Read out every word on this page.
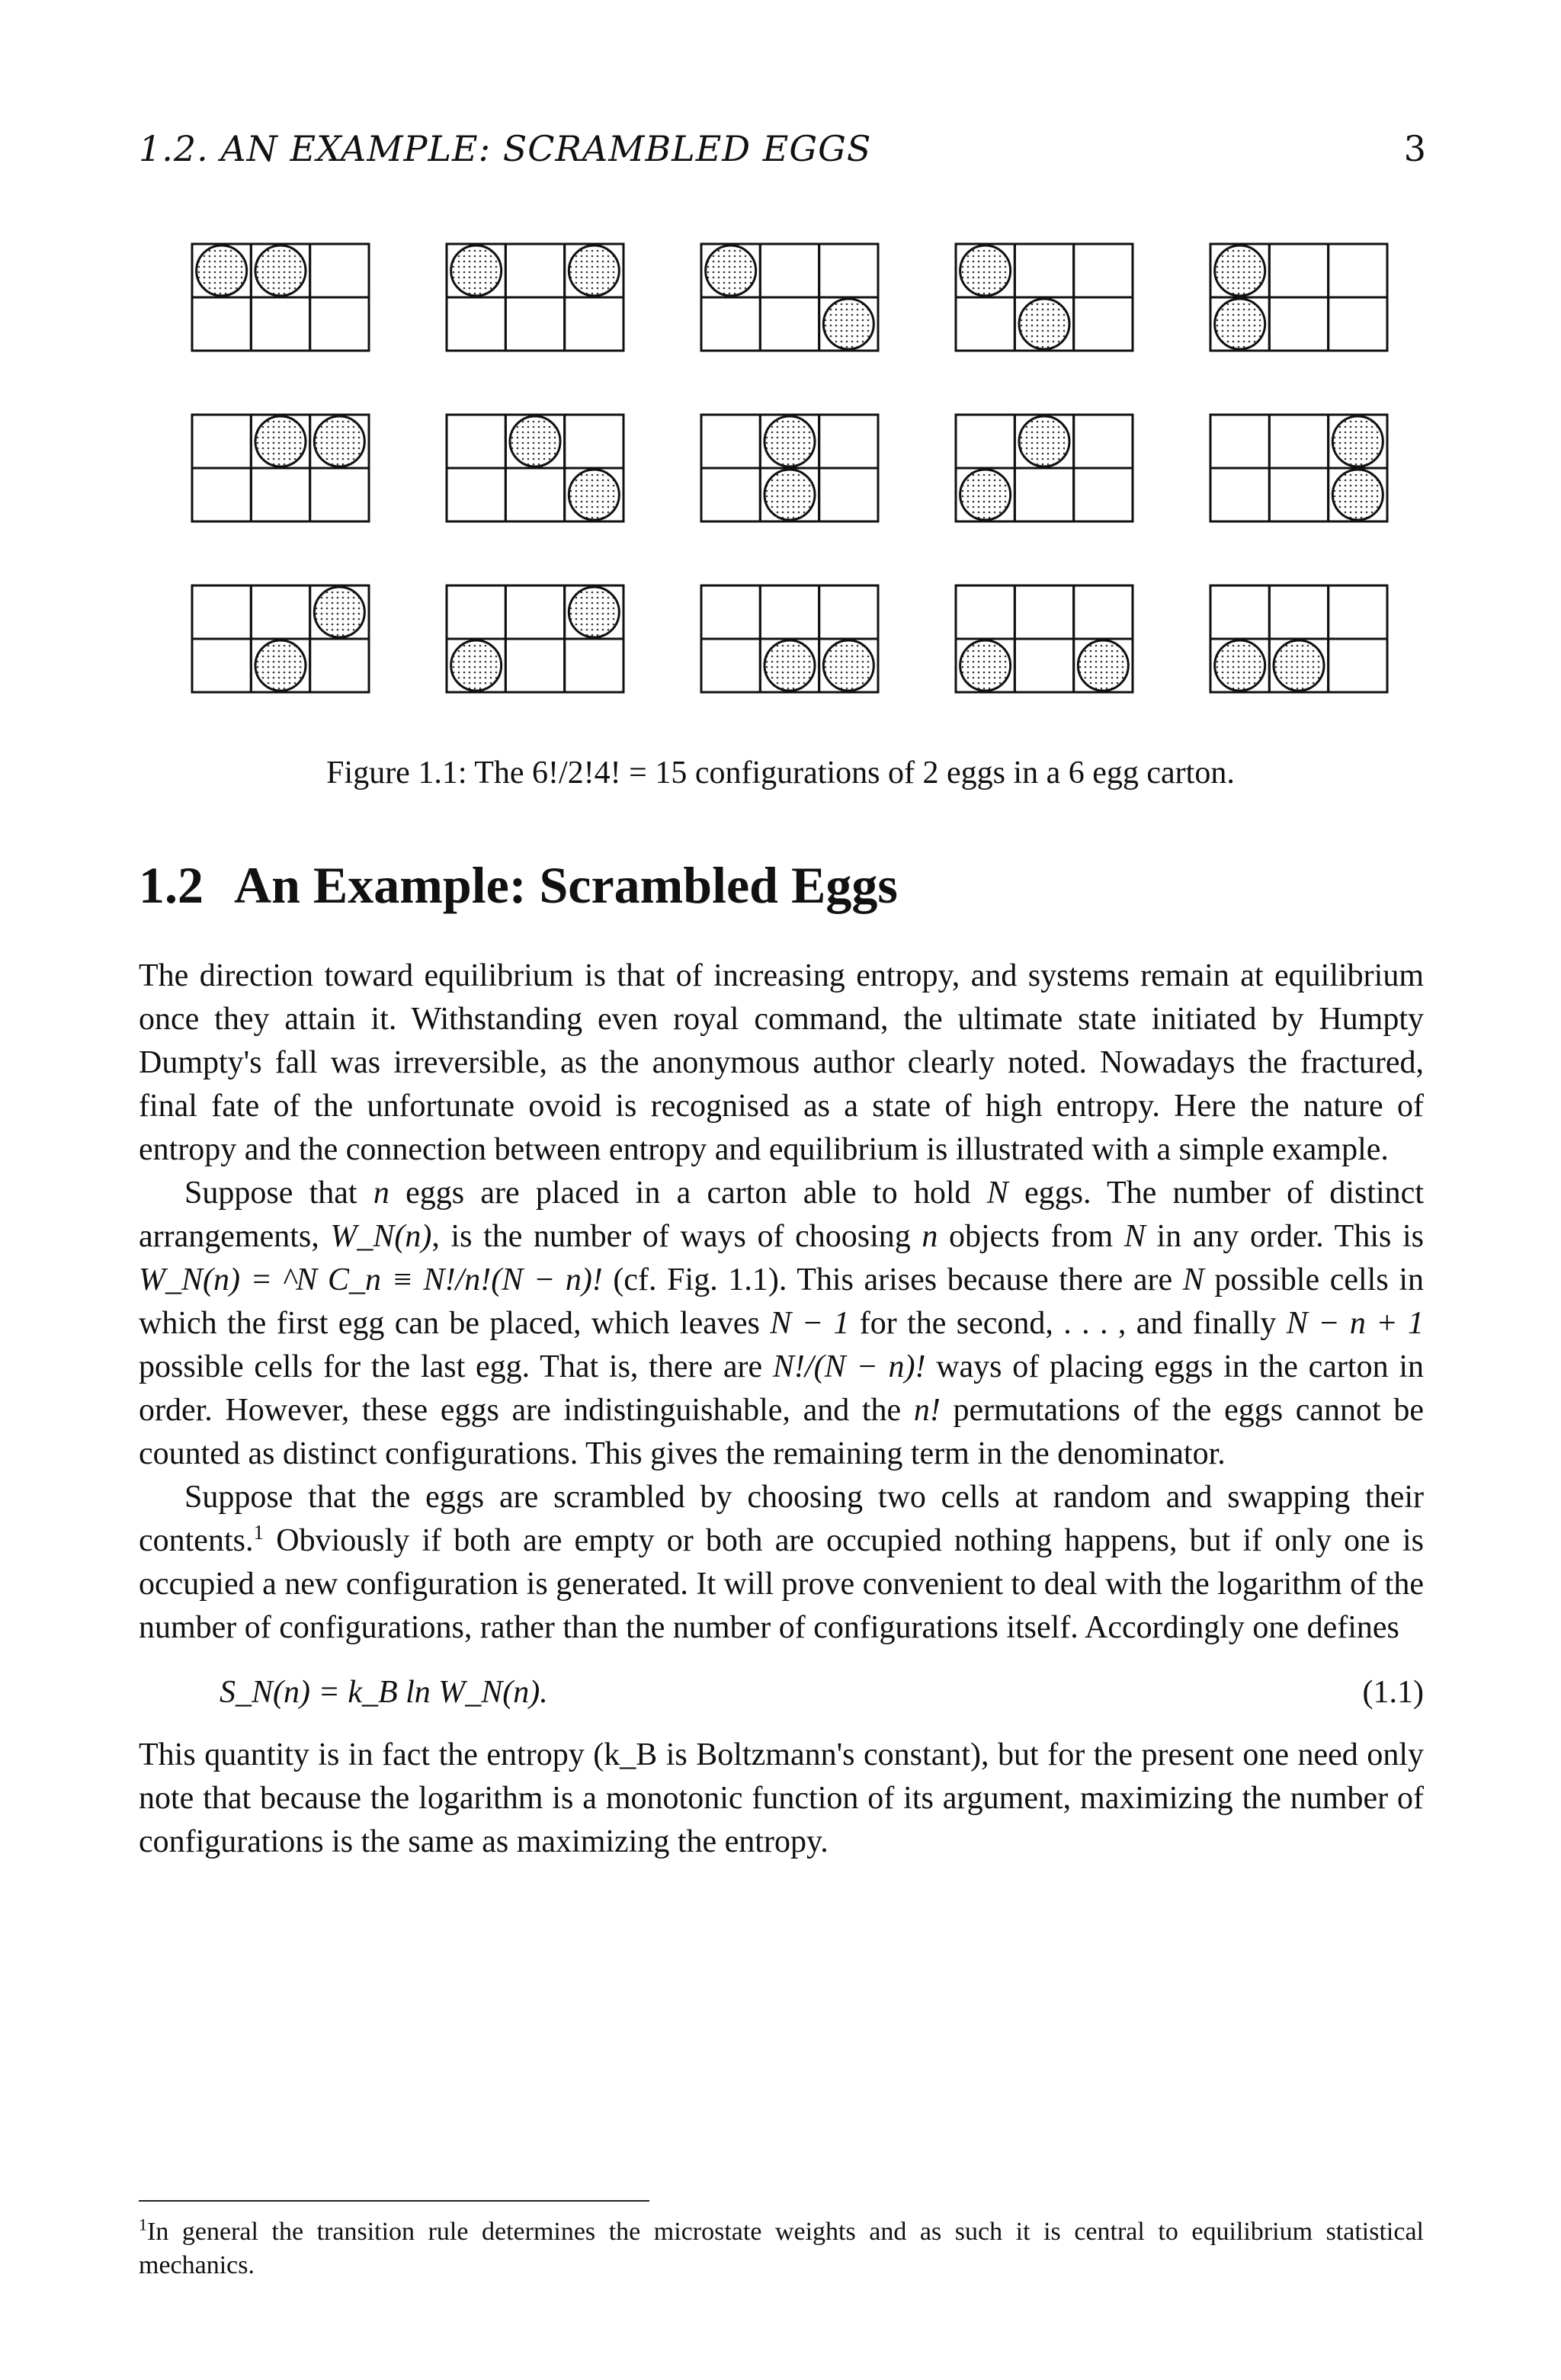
1.2. AN EXAMPLE: SCRAMBLED EGGS	3
Figure 1.1: The 6!/2!4! = 15 configurations of 2 eggs in a 6 egg carton.
1.2 An Example: Scrambled Eggs

The direction toward equilibrium is that of increasing entropy, and systems remain at equilibrium once they attain it. Withstanding even royal command, the ultimate state initiated by Humpty Dumpty's fall was irreversible, as the anonymous author clearly noted. Nowadays the fractured, final fate of the unfortunate ovoid is recognised as a state of high entropy. Here the nature of entropy and the connection between entropy and equilibrium is illustrated with a simple example.

Suppose that n eggs are placed in a carton able to hold N eggs. The number of distinct arrangements, W_N(n), is the number of ways of choosing n objects from N in any order. This is W_N(n) = ^N C_n ≡ N!/n!(N − n)! (cf. Fig. 1.1). This arises because there are N possible cells in which the first egg can be placed, which leaves N − 1 for the second, . . . , and finally N − n + 1 possible cells for the last egg. That is, there are N!/(N − n)! ways of placing eggs in the carton in order. However, these eggs are indistinguishable, and the n! permutations of the eggs cannot be counted as distinct configurations. This gives the remaining term in the denominator.

Suppose that the eggs are scrambled by choosing two cells at random and swapping their contents.$^1$ Obviously if both are empty or both are occupied nothing happens, but if only one is occupied a new configuration is generated. It will prove convenient to deal with the logarithm of the number of configurations, rather than the number of configurations itself. Accordingly one defines

S_N(n) = k_B ln W_N(n).	(1.1)

This quantity is in fact the entropy (k_B is Boltzmann's constant), but for the present one need only note that because the logarithm is a monotonic function of its argument, maximizing the number of configurations is the same as maximizing the entropy.

$^1$In general the transition rule determines the microstate weights and as such it is central to equilibrium statistical mechanics.
